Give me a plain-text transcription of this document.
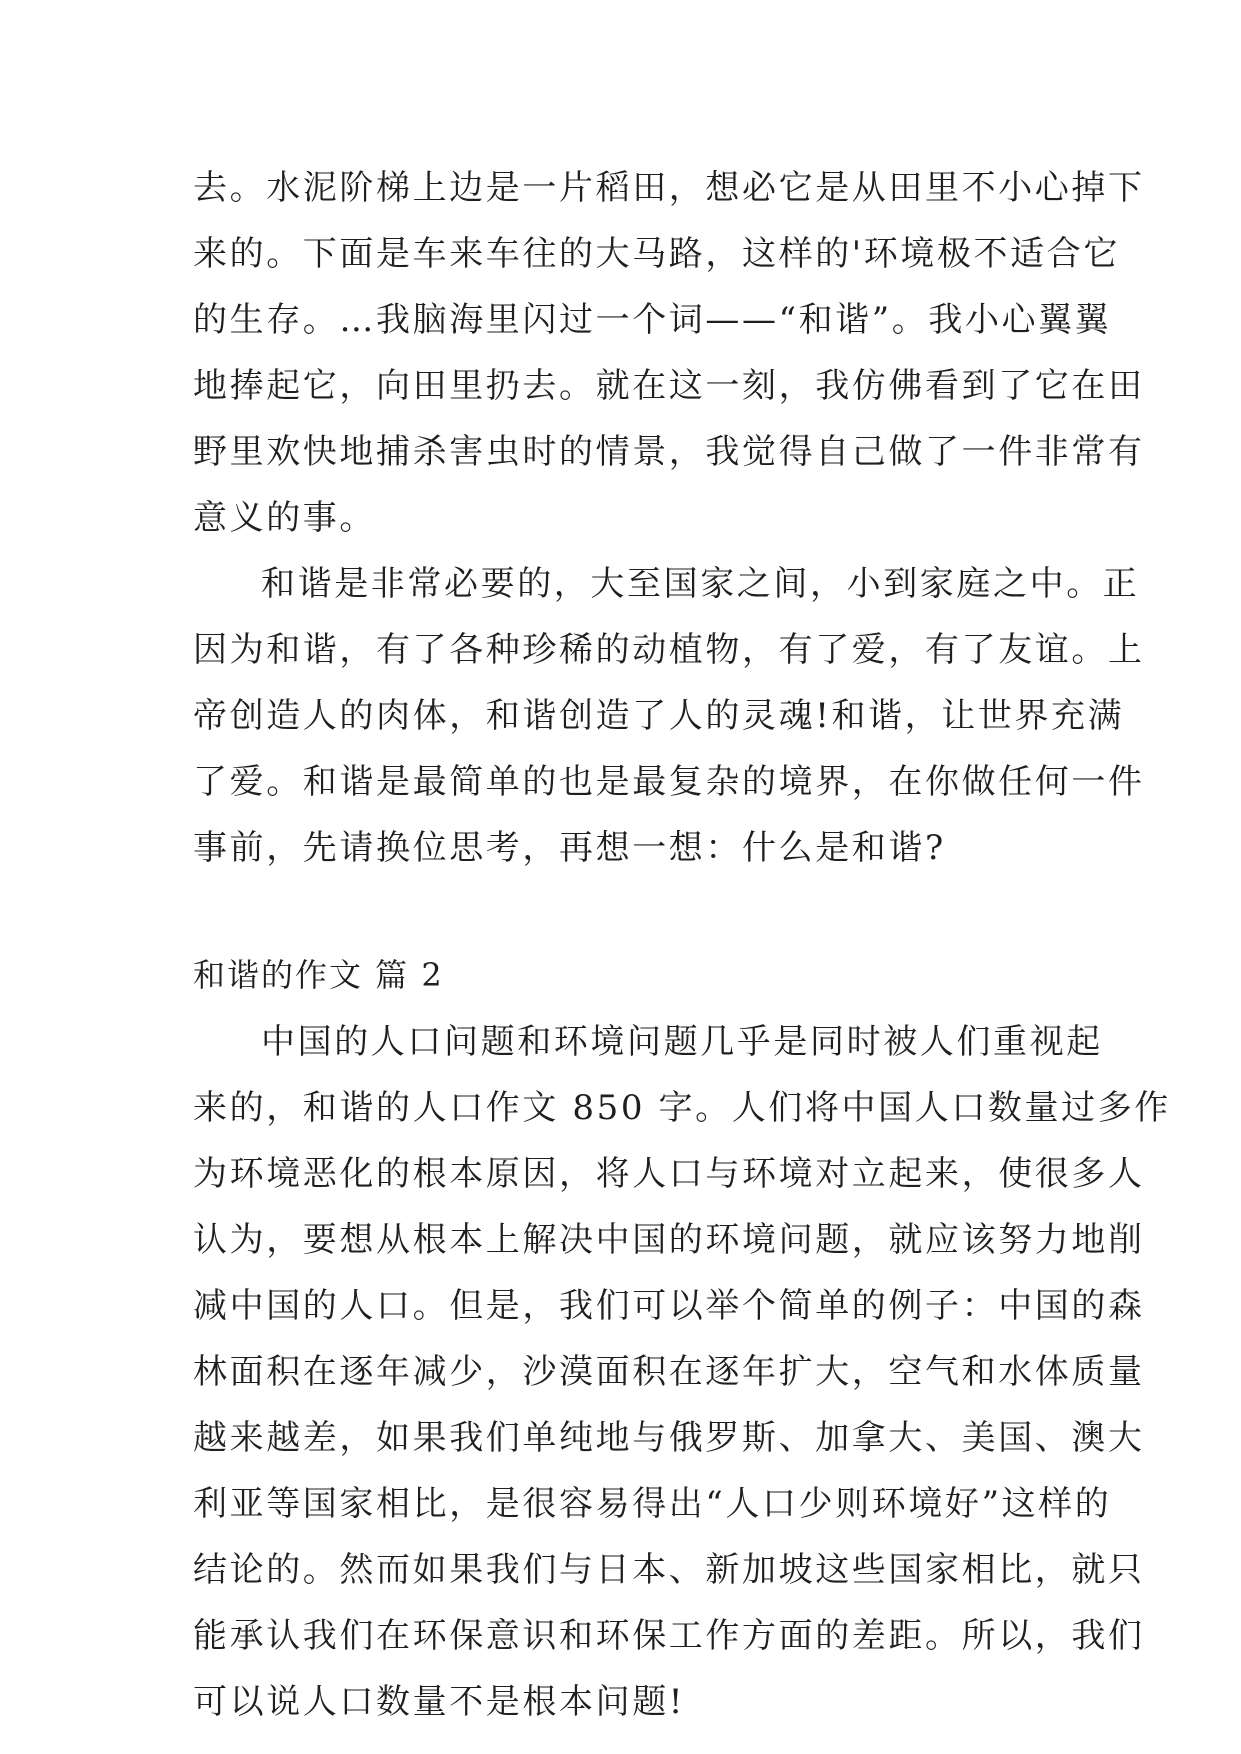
去。水泥阶梯上边是一片稻田，想必它是从田里不小心掉下
来的。下面是车来车往的大马路，这样的'环境极不适合它
的生存。…我脑海里闪过一个词——“和谐”。我小心翼翼
地捧起它，向田里扔去。就在这一刻，我仿佛看到了它在田
野里欢快地捕杀害虫时的情景，我觉得自己做了一件非常有
意义的事。
和谐是非常必要的，大至国家之间，小到家庭之中。正
因为和谐，有了各种珍稀的动植物，有了爱，有了友谊。上
帝创造人的肉体，和谐创造了人的灵魂!和谐，让世界充满
了爱。和谐是最简单的也是最复杂的境界，在你做任何一件
事前，先请换位思考，再想一想：什么是和谐?
和谐的作文 篇 2
中国的人口问题和环境问题几乎是同时被人们重视起
来的，和谐的人口作文 850 字。人们将中国人口数量过多作
为环境恶化的根本原因，将人口与环境对立起来，使很多人
认为，要想从根本上解决中国的环境问题，就应该努力地削
减中国的人口。但是，我们可以举个简单的例子：中国的森
林面积在逐年减少，沙漠面积在逐年扩大，空气和水体质量
越来越差，如果我们单纯地与俄罗斯、加拿大、美国、澳大
利亚等国家相比，是很容易得出“人口少则环境好”这样的
结论的。然而如果我们与日本、新加坡这些国家相比，就只
能承认我们在环保意识和环保工作方面的差距。所以，我们
可以说人口数量不是根本问题!
